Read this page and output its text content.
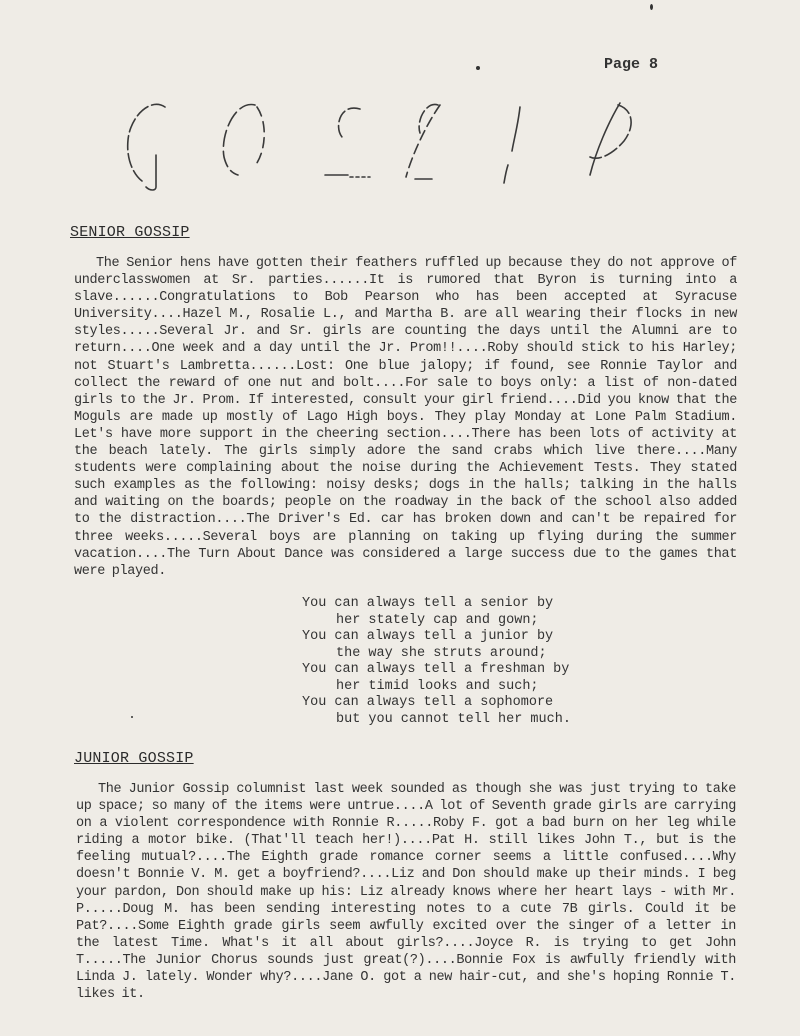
Page 8
SENIOR GOSSIP

The Senior hens have gotten their feathers ruffled up because they do not approve of underclasswomen at Sr. parties......It is rumored that Byron is turning into a slave......Congratulations to Bob Pearson who has been accepted at Syracuse University....Hazel M., Rosalie L., and Martha B. are all wearing their flocks in new styles.....Several Jr. and Sr. girls are counting the days until the Alumni are to return....One week and a day until the Jr. Prom!!....Roby should stick to his Harley; not Stuart's Lambretta......Lost: One blue jalopy; if found, see Ronnie Taylor and collect the reward of one nut and bolt....For sale to boys only: a list of non-dated girls to the Jr. Prom. If interested, consult your girl friend....Did you know that the Moguls are made up mostly of Lago High boys. They play Monday at Lone Palm Stadium. Let's have more support in the cheering section....There has been lots of activity at the beach lately. The girls simply adore the sand crabs which live there....Many students were complaining about the noise during the Achievement Tests. They stated such examples as the following: noisy desks; dogs in the halls; talking in the halls and waiting on the boards; people on the roadway in the back of the school also added to the distraction....The Driver's Ed. car has broken down and can't be repaired for three weeks.....Several boys are planning on taking up flying during the summer vacation....The Turn About Dance was considered a large success due to the games that were played.

You can always tell a senior by
her stately cap and gown;
You can always tell a junior by
the way she struts around;
You can always tell a freshman by
her timid looks and such;
You can always tell a sophomore
but you cannot tell her much.
JUNIOR GOSSIP

The Junior Gossip columnist last week sounded as though she was just trying to take up space; so many of the items were untrue....A lot of Seventh grade girls are carrying on a violent correspondence with Ronnie R.....Roby F. got a bad burn on her leg while riding a motor bike. (That'll teach her!)....Pat H. still likes John T., but is the feeling mutual?....The Eighth grade romance corner seems a little confused....Why doesn't Bonnie V. M. get a boyfriend?....Liz and Don should make up their minds. I beg your pardon, Don should make up his: Liz already knows where her heart lays - with Mr. P.....Doug M. has been sending interesting notes to a cute 7B girls. Could it be Pat?....Some Eighth grade girls seem awfully excited over the singer of a letter in the latest Time. What's it all about girls?....Joyce R. is trying to get John T.....The Junior Chorus sounds just great(?)....Bonnie Fox is awfully friendly with Linda J. lately. Wonder why?....Jane O. got a new hair-cut, and she's hoping Ronnie T. likes it.
